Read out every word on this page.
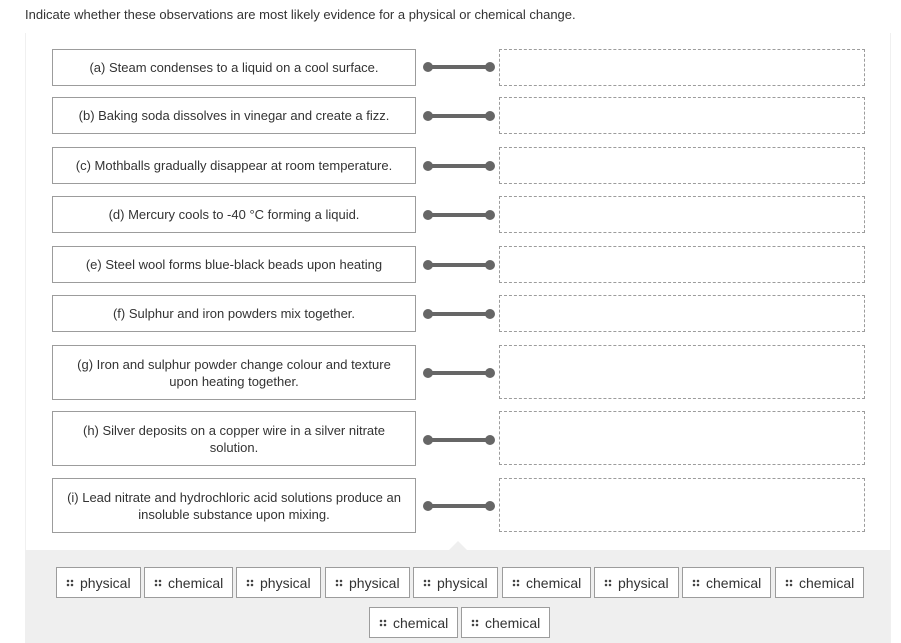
Indicate whether these observations are most likely evidence for a physical or chemical change.
(a) Steam condenses to a liquid on a cool surface.
(b) Baking soda dissolves in vinegar and create a fizz.
(c) Mothballs gradually disappear at room temperature.
(d) Mercury cools to -40 °C forming a liquid.
(e) Steel wool forms blue-black beads upon heating
(f) Sulphur and iron powders mix together.
(g) Iron and sulphur powder change colour and texture upon heating together.
(h) Silver deposits on a copper wire in a silver nitrate solution.
(i) Lead nitrate and hydrochloric acid solutions produce an insoluble substance upon mixing.
physical	chemical	physical	physical	physical	chemical	physical	chemical	chemical
chemical	chemical
